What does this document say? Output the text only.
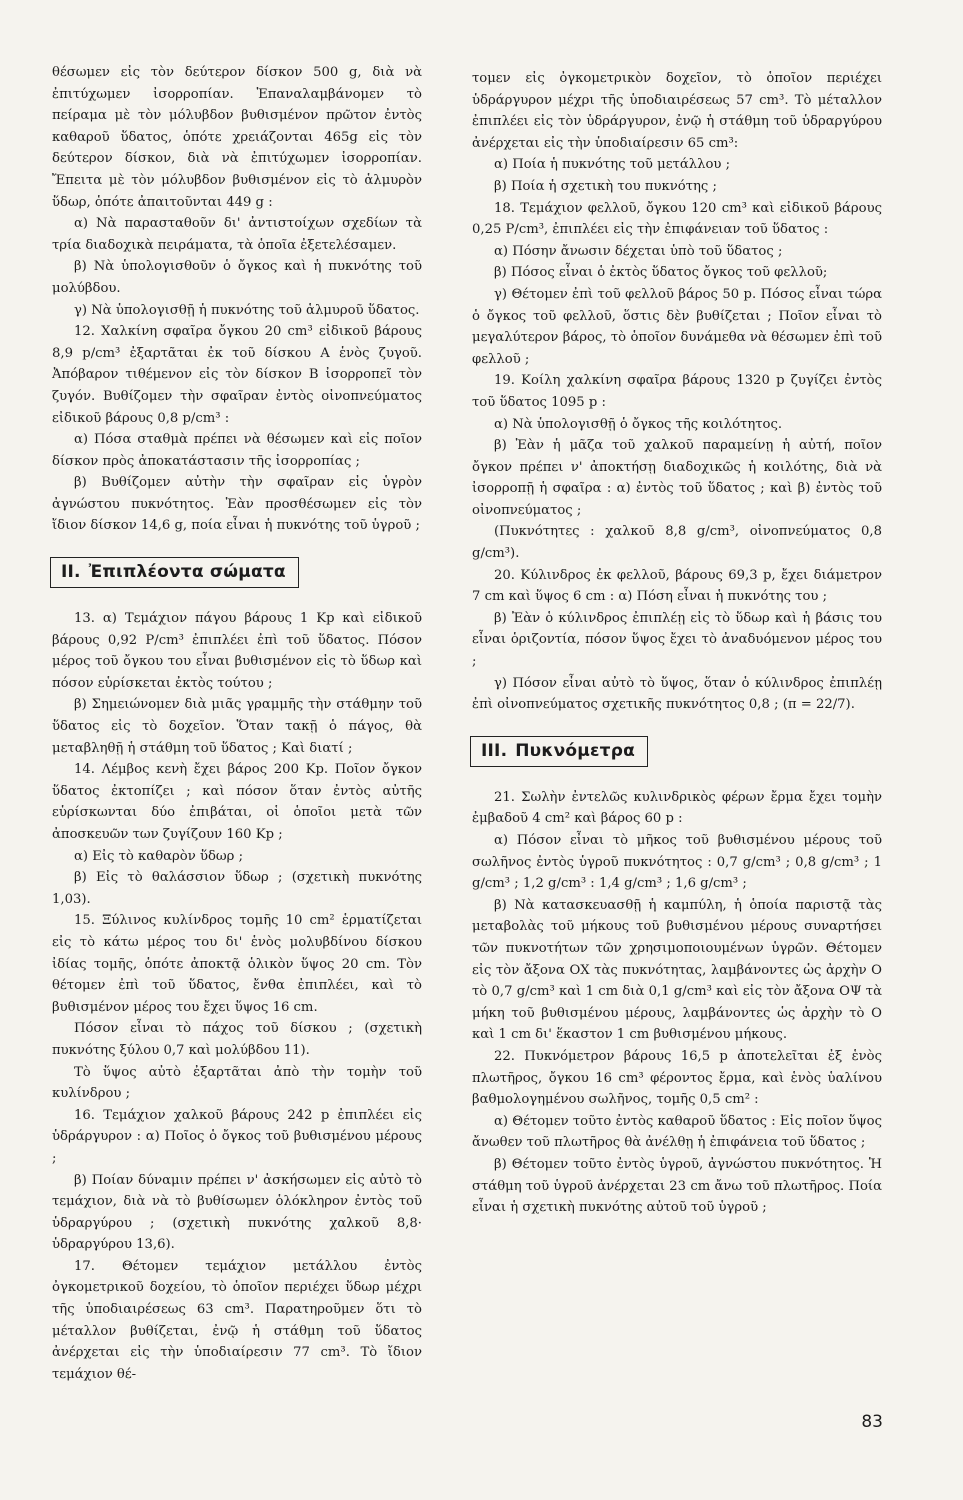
θέσωμεν εἰς τὸν δεύτερον δίσκον 500 g, διὰ νὰ ἐπιτύχωμεν ἰσορροπίαν. Ἐπαναλαμβάνομεν τὸ πείραμα μὲ τὸν μόλυβδον βυθισμένον πρῶτον ἐντὸς καθαροῦ ὕδατος, ὁπότε χρειάζονται 465g εἰς τὸν δεύτερον δίσκον, διὰ νὰ ἐπιτύχωμεν ἰσορροπίαν. Ἔπειτα μὲ τὸν μόλυβδον βυθισμένον εἰς τὸ ἁλμυρὸν ὕδωρ, ὁπότε ἀπαιτοῦνται 449 g :

α) Νὰ παρασταθοῦν δι' ἀντιστοίχων σχεδίων τὰ τρία διαδοχικὰ πειράματα, τὰ ὁποῖα ἐξετελέσαμεν.

β) Νὰ ὑπολογισθοῦν ὁ ὄγκος καὶ ἡ πυκνότης τοῦ μολύβδου.

γ) Νὰ ὑπολογισθῇ ἡ πυκνότης τοῦ ἁλμυροῦ ὕδατος.

12. Χαλκίνη σφαῖρα ὄγκου 20 cm³ εἰδικοῦ βάρους 8,9 p/cm³ ἐξαρτᾶται ἐκ τοῦ δίσκου Α ἑνὸς ζυγοῦ. Ἀπόβαρον τιθέμενον εἰς τὸν δίσκον Β ἰσορροπεῖ τὸν ζυγόν. Βυθίζομεν τὴν σφαῖραν ἐντὸς οἰνοπνεύματος εἰδικοῦ βάρους 0,8 p/cm³ :

α) Πόσα σταθμὰ πρέπει νὰ θέσωμεν καὶ εἰς ποῖον δίσκον πρὸς ἀποκατάστασιν τῆς ἰσορροπίας ;

β) Βυθίζομεν αὐτὴν τὴν σφαῖραν εἰς ὑγρὸν ἀγνώστου πυκνότητος. Ἐὰν προσθέσωμεν εἰς τὸν ἴδιον δίσκον 14,6 g, ποία εἶναι ἡ πυκνότης τοῦ ὑγροῦ ;

II. Ἐπιπλέοντα σώματα

13. α) Τεμάχιον πάγου βάρους 1 Kp καὶ εἰδικοῦ βάρους 0,92 P/cm³ ἐπιπλέει ἐπὶ τοῦ ὕδατος. Πόσον μέρος τοῦ ὄγκου του εἶναι βυθισμένον εἰς τὸ ὕδωρ καὶ πόσον εὑρίσκεται ἐκτὸς τούτου ;

β) Σημειώνομεν διὰ μιᾶς γραμμῆς τὴν στάθμην τοῦ ὕδατος εἰς τὸ δοχεῖον. Ὅταν τακῇ ὁ πάγος, θὰ μεταβληθῇ ἡ στάθμη τοῦ ὕδατος ; Καὶ διατί ;

14. Λέμβος κενὴ ἔχει βάρος 200 Kp. Ποῖον ὄγκον ὕδατος ἐκτοπίζει ; καὶ πόσον ὅταν ἐντὸς αὐτῆς εὑρίσκωνται δύο ἐπιβάται, οἱ ὁποῖοι μετὰ τῶν ἀποσκευῶν των ζυγίζουν 160 Kp ;

α) Εἰς τὸ καθαρὸν ὕδωρ ;

β) Εἰς τὸ θαλάσσιον ὕδωρ ; (σχετικὴ πυκνότης 1,03).

15. Ξύλινος κυλίνδρος τομῆς 10 cm² ἑρματίζεται εἰς τὸ κάτω μέρος του δι' ἑνὸς μολυβδίνου δίσκου ἰδίας τομῆς, ὁπότε ἀποκτᾷ ὁλικὸν ὕψος 20 cm. Τὸν θέτομεν ἐπὶ τοῦ ὕδατος, ἔνθα ἐπιπλέει, καὶ τὸ βυθισμένον μέρος του ἔχει ὕψος 16 cm.

Πόσον εἶναι τὸ πάχος τοῦ δίσκου ; (σχετικὴ πυκνότης ξύλου 0,7 καὶ μολύβδου 11).

Τὸ ὕψος αὐτὸ ἐξαρτᾶται ἀπὸ τὴν τομὴν τοῦ κυλίνδρου ;

16. Τεμάχιον χαλκοῦ βάρους 242 p ἐπιπλέει εἰς ὑδράργυρον : α) Ποῖος ὁ ὄγκος τοῦ βυθισμένου μέρους ;

β) Ποίαν δύναμιν πρέπει ν' ἀσκήσωμεν εἰς αὐτὸ τὸ τεμάχιον, διὰ νὰ τὸ βυθίσωμεν ὁλόκληρον ἐντὸς τοῦ ὑδραργύρου ; (σχετικὴ πυκνότης χαλκοῦ 8,8· ὑδραργύρου 13,6).

17. Θέτομεν τεμάχιον μετάλλου ἐντὸς ὀγκομετρικοῦ δοχείου, τὸ ὁποῖον περιέχει ὕδωρ μέχρι τῆς ὑποδιαιρέσεως 63 cm³. Παρατηροῦμεν ὅτι τὸ μέταλλον βυθίζεται, ἐνῷ ἡ στάθμη τοῦ ὕδατος ἀνέρχεται εἰς τὴν ὑποδιαίρεσιν 77 cm³. Τὸ ἴδιον τεμάχιον θέ-

τομεν εἰς ὀγκομετρικὸν δοχεῖον, τὸ ὁποῖον περιέχει ὑδράργυρον μέχρι τῆς ὑποδιαιρέσεως 57 cm³. Τὸ μέταλλον ἐπιπλέει εἰς τὸν ὑδράργυρον, ἐνῷ ἡ στάθμη τοῦ ὑδραργύρου ἀνέρχεται εἰς τὴν ὑποδιαίρεσιν 65 cm³:

α) Ποία ἡ πυκνότης τοῦ μετάλλου ;

β) Ποία ἡ σχετικὴ του πυκνότης ;

18. Τεμάχιον φελλοῦ, ὄγκου 120 cm³ καὶ εἰδικοῦ βάρους 0,25 P/cm³, ἐπιπλέει εἰς τὴν ἐπιφάνειαν τοῦ ὕδατος :

α) Πόσην ἄνωσιν δέχεται ὑπὸ τοῦ ὕδατος ;

β) Πόσος εἶναι ὁ ἐκτὸς ὕδατος ὄγκος τοῦ φελλοῦ;

γ) Θέτομεν ἐπὶ τοῦ φελλοῦ βάρος 50 p. Πόσος εἶναι τώρα ὁ ὄγκος τοῦ φελλοῦ, ὅστις δὲν βυθίζεται ; Ποῖον εἶναι τὸ μεγαλύτερον βάρος, τὸ ὁποῖον δυνάμεθα νὰ θέσωμεν ἐπὶ τοῦ φελλοῦ ;

19. Κοίλη χαλκίνη σφαῖρα βάρους 1320 p ζυγίζει ἐντὸς τοῦ ὕδατος 1095 p :

α) Νὰ ὑπολογισθῇ ὁ ὄγκος τῆς κοιλότητος.

β) Ἐὰν ἡ μᾶζα τοῦ χαλκοῦ παραμείνῃ ἡ αὐτή, ποῖον ὄγκον πρέπει ν' ἀποκτήσῃ διαδοχικῶς ἡ κοιλότης, διὰ νὰ ἰσορροπῇ ἡ σφαῖρα : α) ἐντὸς τοῦ ὕδατος ; καὶ β) ἐντὸς τοῦ οἰνοπνεύματος ;

(Πυκνότητες : χαλκοῦ 8,8 g/cm³, οἰνοπνεύματος 0,8 g/cm³).

20. Κύλινδρος ἐκ φελλοῦ, βάρους 69,3 p, ἔχει διάμετρον 7 cm καὶ ὕψος 6 cm : α) Πόση εἶναι ἡ πυκνότης του ;

β) Ἐὰν ὁ κύλινδρος ἐπιπλέῃ εἰς τὸ ὕδωρ καὶ ἡ βάσις του εἶναι ὁριζοντία, πόσον ὕψος ἔχει τὸ ἀναδυόμενον μέρος του ;

γ) Πόσον εἶναι αὐτὸ τὸ ὕψος, ὅταν ὁ κύλινδρος ἐπιπλέῃ ἐπὶ οἰνοπνεύματος σχετικῆς πυκνότητος 0,8 ; (π = 22/7).

III. Πυκνόμετρα

21. Σωλὴν ἐντελῶς κυλινδρικὸς φέρων ἔρμα ἔχει τομὴν ἐμβαδοῦ 4 cm² καὶ βάρος 60 p :

α) Πόσον εἶναι τὸ μῆκος τοῦ βυθισμένου μέρους τοῦ σωλῆνος ἐντὸς ὑγροῦ πυκνότητος : 0,7 g/cm³ ; 0,8 g/cm³ ; 1 g/cm³ ; 1,2 g/cm³ : 1,4 g/cm³ ; 1,6 g/cm³ ;

β) Νὰ κατασκευασθῇ ἡ καμπύλη, ἡ ὁποία παριστᾷ τὰς μεταβολὰς τοῦ μήκους τοῦ βυθισμένου μέρους συναρτήσει τῶν πυκνοτήτων τῶν χρησιμοποιουμένων ὑγρῶν. Θέτομεν εἰς τὸν ἄξονα ΟΧ τὰς πυκνότητας, λαμβάνοντες ὡς ἀρχὴν Ο τὸ 0,7 g/cm³ καὶ 1 cm διὰ 0,1 g/cm³ καὶ εἰς τὸν ἄξονα ΟΨ τὰ μήκη τοῦ βυθισμένου μέρους, λαμβάνοντες ὡς ἀρχὴν τὸ Ο καὶ 1 cm δι' ἕκαστον 1 cm βυθισμένου μήκους.

22. Πυκνόμετρον βάρους 16,5 p ἀποτελεῖται ἐξ ἑνὸς πλωτῆρος, ὄγκου 16 cm³ φέροντος ἔρμα, καὶ ἑνὸς ὑαλίνου βαθμολογημένου σωλῆνος, τομῆς 0,5 cm² :

α) Θέτομεν τοῦτο ἐντὸς καθαροῦ ὕδατος : Εἰς ποῖον ὕψος ἄνωθεν τοῦ πλωτῆρος θὰ ἀνέλθῃ ἡ ἐπιφάνεια τοῦ ὕδατος ;

β) Θέτομεν τοῦτο ἐντὸς ὑγροῦ, ἀγνώστου πυκνότητος. Ἡ στάθμη τοῦ ὑγροῦ ἀνέρχεται 23 cm ἄνω τοῦ πλωτῆρος. Ποία εἶναι ἡ σχετικὴ πυκνότης αὐτοῦ τοῦ ὑγροῦ ;

83
